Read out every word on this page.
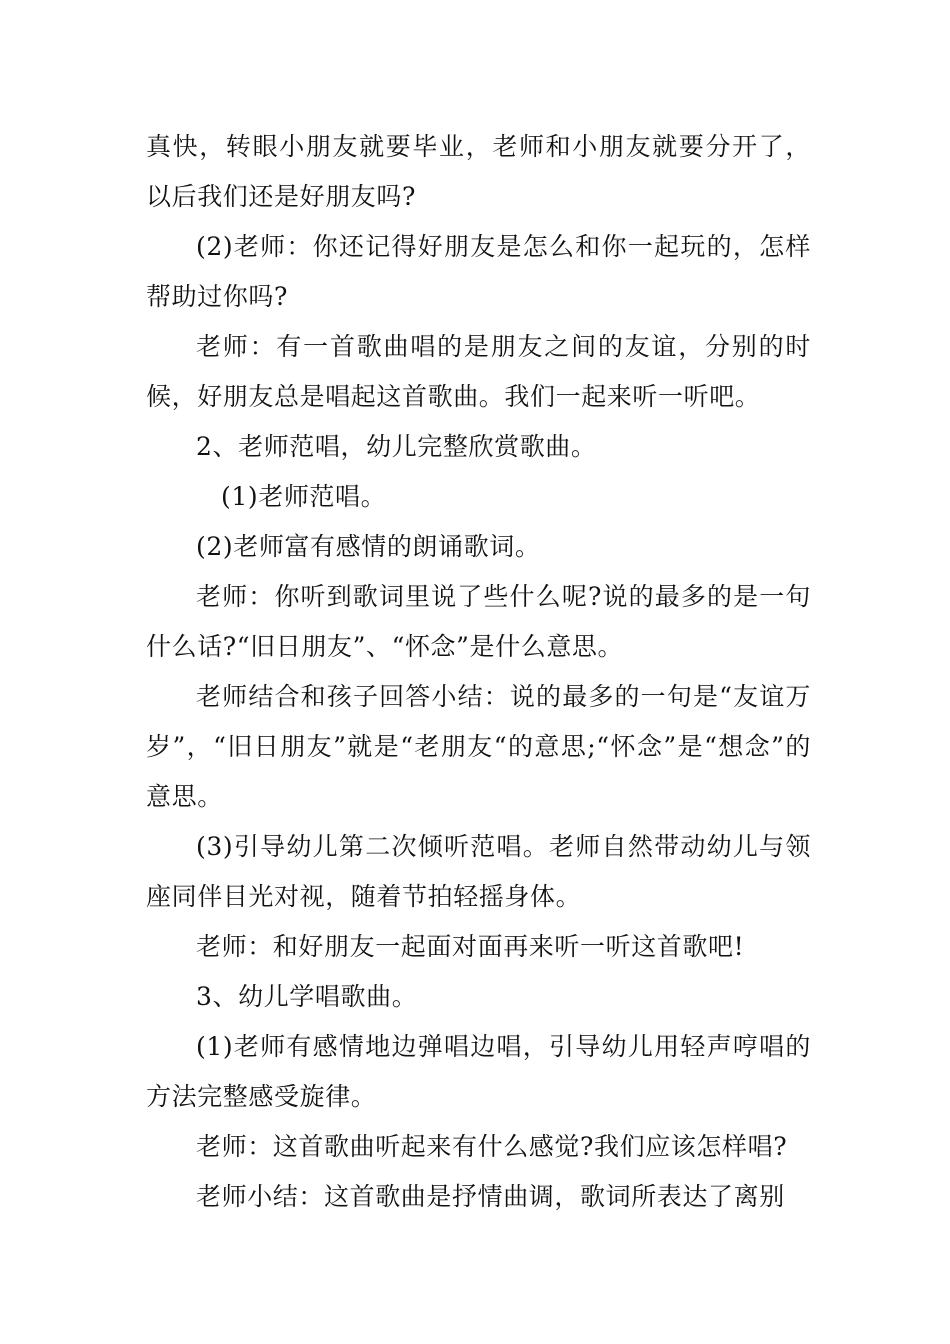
真快，转眼小朋友就要毕业，老师和小朋友就要分开了，以后我们还是好朋友吗?

(2)老师：你还记得好朋友是怎么和你一起玩的，怎样帮助过你吗?

老师：有一首歌曲唱的是朋友之间的友谊，分别的时候，好朋友总是唱起这首歌曲。我们一起来听一听吧。

2、老师范唱，幼儿完整欣赏歌曲。

(1)老师范唱。

(2)老师富有感情的朗诵歌词。

老师：你听到歌词里说了些什么呢?说的最多的是一句什么话?“旧日朋友”、“怀念”是什么意思。

老师结合和孩子回答小结：说的最多的一句是“友谊万岁”，“旧日朋友”就是“老朋友“的意思;“怀念”是“想念”的意思。

(3)引导幼儿第二次倾听范唱。老师自然带动幼儿与领座同伴目光对视，随着节拍轻摇身体。

老师：和好朋友一起面对面再来听一听这首歌吧!

3、幼儿学唱歌曲。

(1)老师有感情地边弹唱边唱，引导幼儿用轻声哼唱的方法完整感受旋律。

老师：这首歌曲听起来有什么感觉?我们应该怎样唱?

老师小结：这首歌曲是抒情曲调，歌词所表达了离别
